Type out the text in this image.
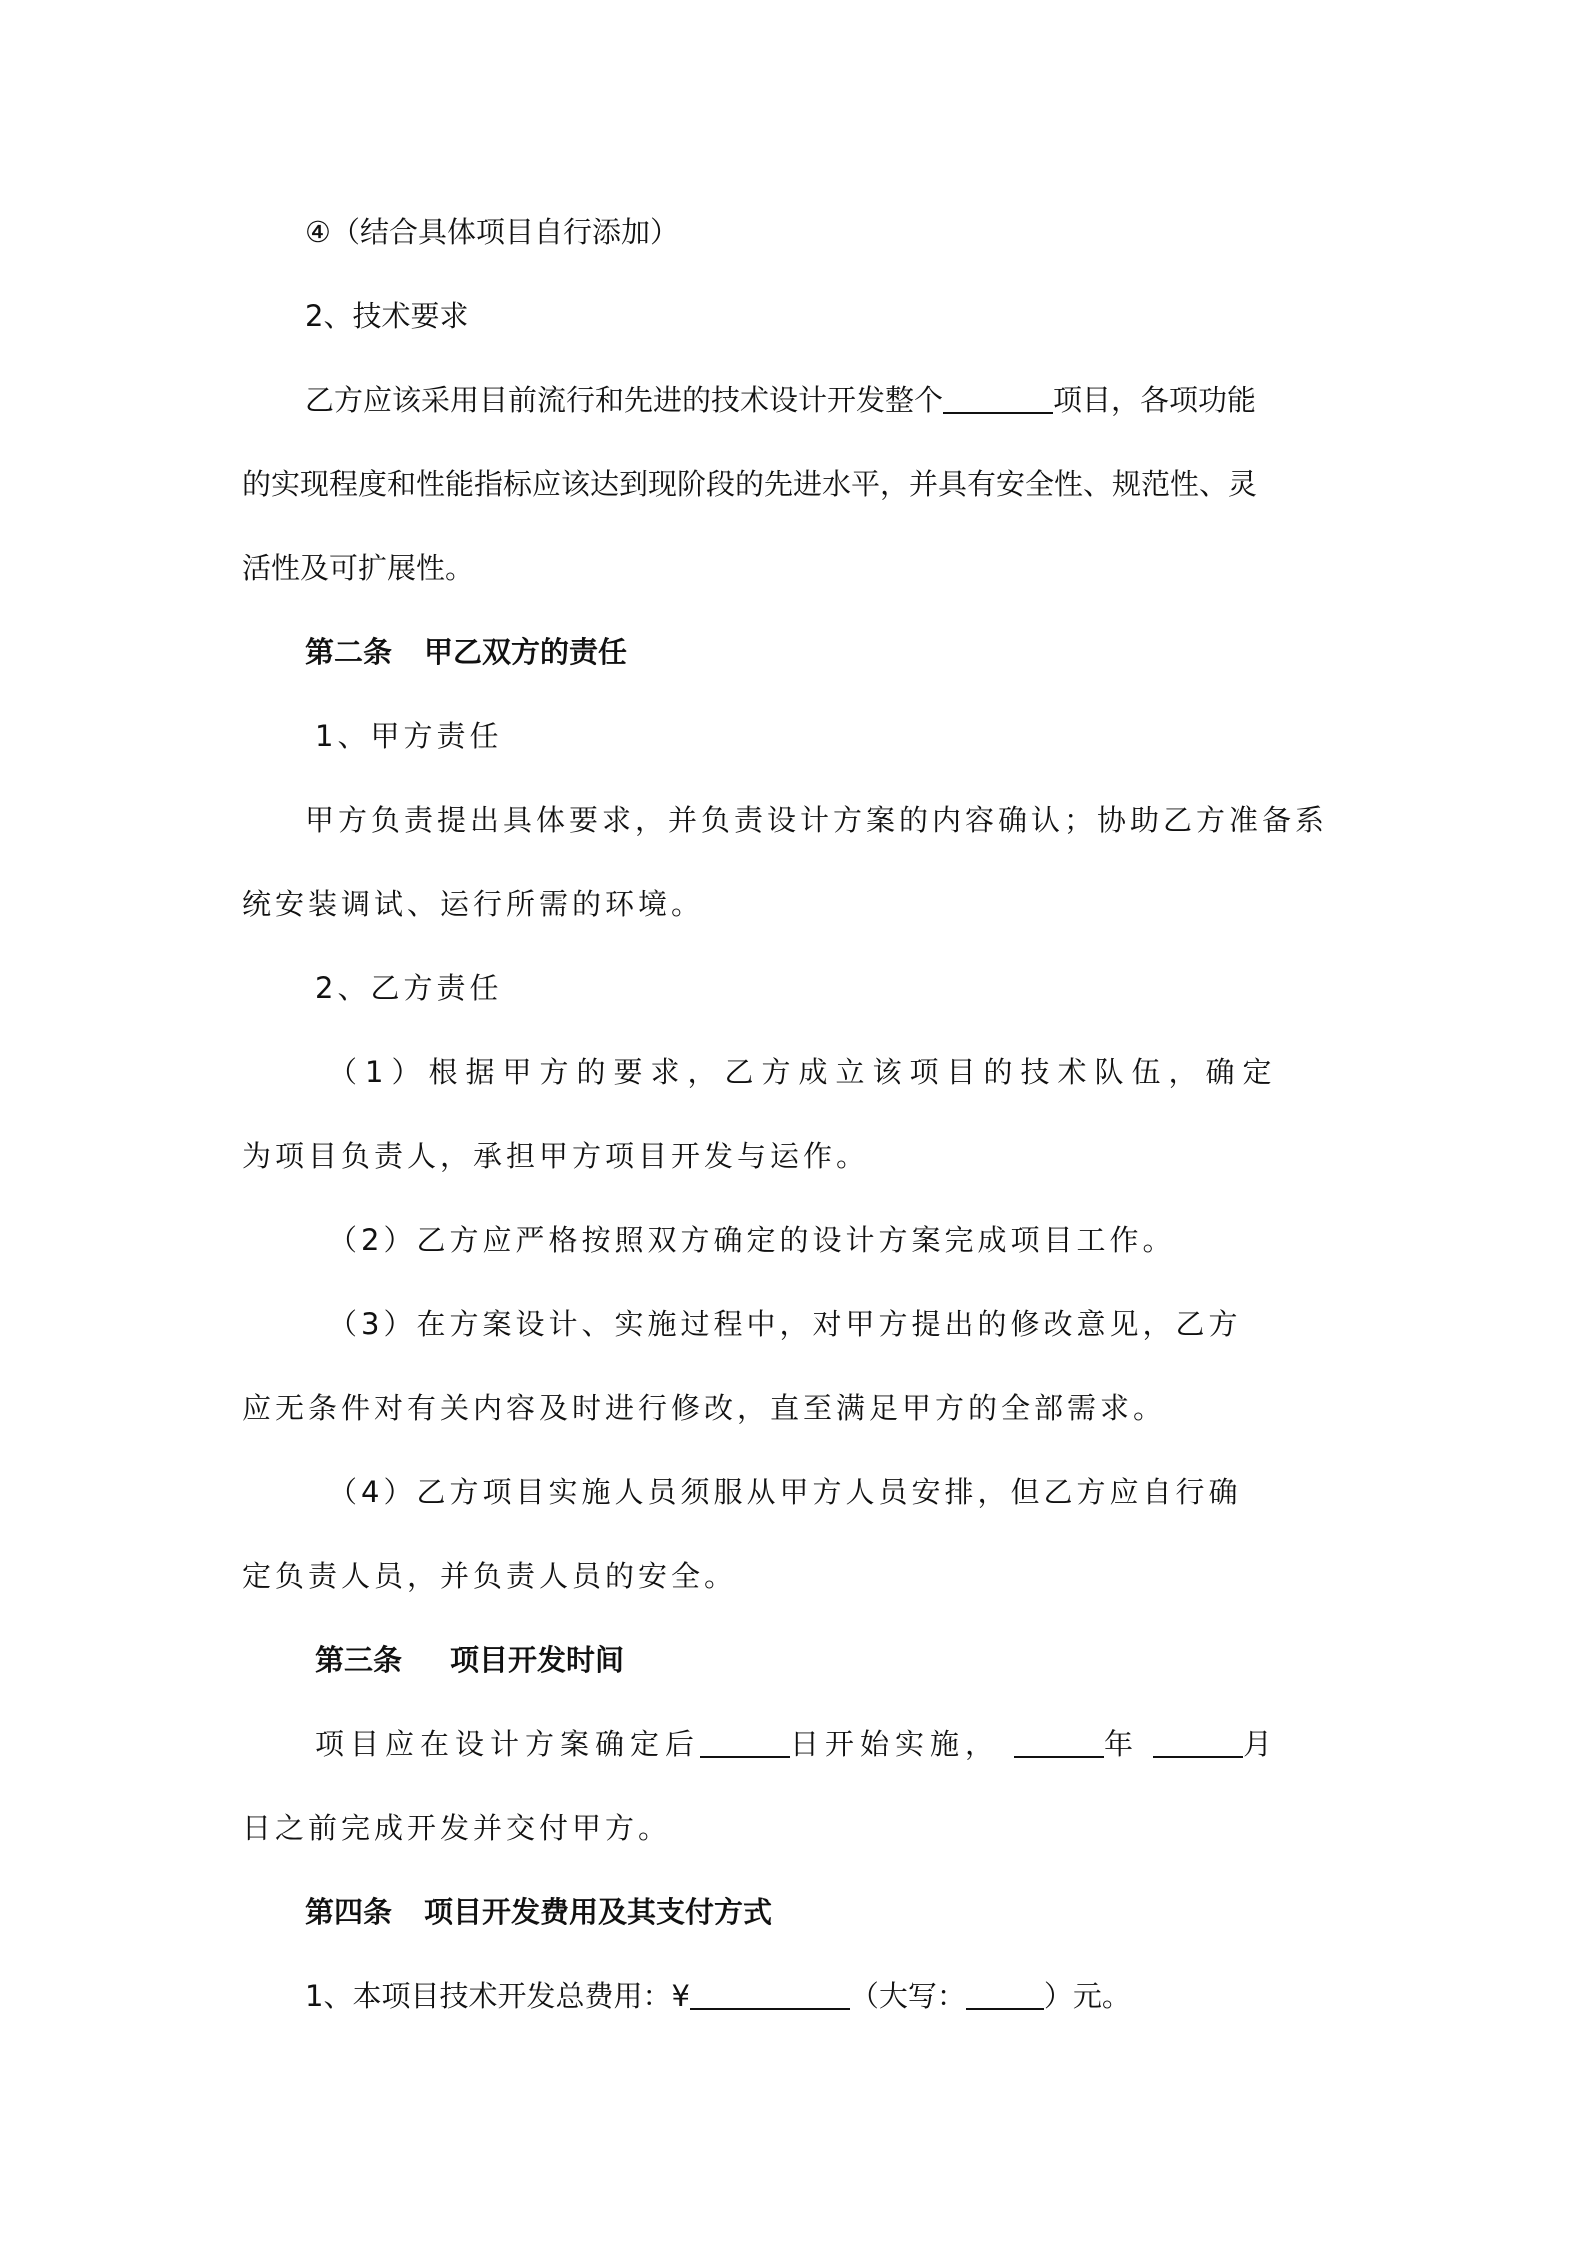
④（结合具体项目自行添加）
2、技术要求
乙方应该采用目前流行和先进的技术设计开发整个	项目，各项功能
的实现程度和性能指标应该达到现阶段的先进水平，并具有安全性、规范性、灵
活性及可扩展性。
第二条 甲乙双方的责任
1、甲方责任
甲方负责提出具体要求，并负责设计方案的内容确认；协助乙方准备系
统安装调试、运行所需的环境。
2、乙方责任
（1）根据甲方的要求，乙方成立该项目的技术队伍，确定
为项目负责人，承担甲方项目开发与运作。
（2）乙方应严格按照双方确定的设计方案完成项目工作。
（3）在方案设计、实施过程中，对甲方提出的修改意见，乙方
应无条件对有关内容及时进行修改，直至满足甲方的全部需求。
（4）乙方项目实施人员须服从甲方人员安排，但乙方应自行确
定负责人员，并负责人员的安全。
第三条 项目开发时间
项目应在设计方案确定后	日开始实施，	年	月
日之前完成开发并交付甲方。
第四条 项目开发费用及其支付方式
1、本项目技术开发总费用：¥	（大写：	）元。
